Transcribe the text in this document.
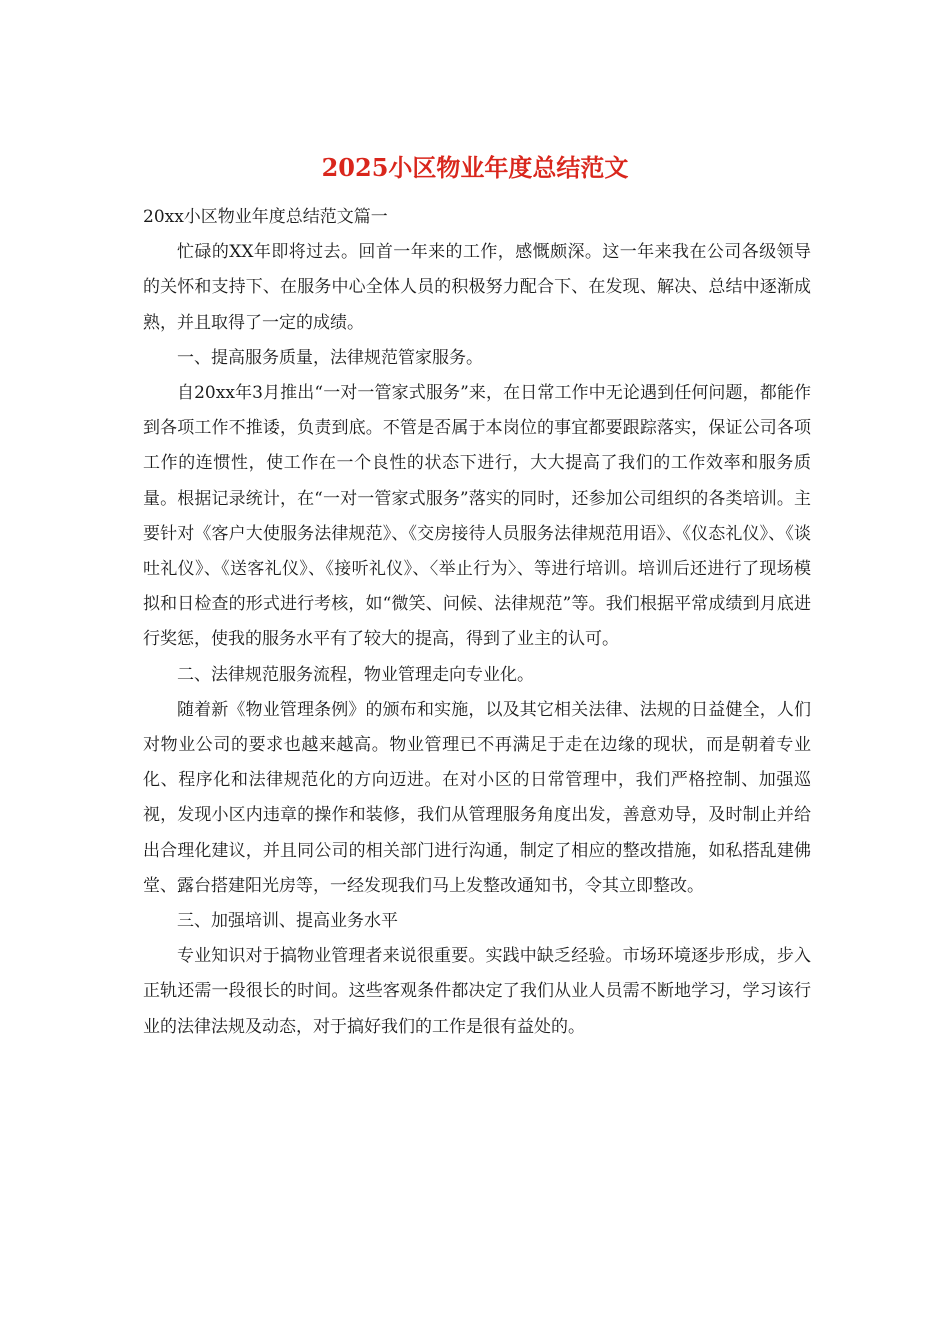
2025小区物业年度总结范文

20xx小区物业年度总结范文篇一

忙碌的XX年即将过去。回首一年来的工作，感慨颇深。这一年来我在公司各级领导的关怀和支持下、在服务中心全体人员的积极努力配合下、在发现、解决、总结中逐渐成熟，并且取得了一定的成绩。

一、提高服务质量，法律规范管家服务。

自20xx年3月推出“一对一管家式服务”来，在日常工作中无论遇到任何问题，都能作到各项工作不推诿，负责到底。不管是否属于本岗位的事宜都要跟踪落实，保证公司各项工作的连惯性，使工作在一个良性的状态下进行，大大提高了我们的工作效率和服务质量。根据记录统计，在“一对一管家式服务”落实的同时，还参加公司组织的各类培训。主要针对《客户大使服务法律规范》、《交房接待人员服务法律规范用语》、《仪态礼仪》、《谈吐礼仪》、《送客礼仪》、《接听礼仪》、〈举止行为〉、等进行培训。培训后还进行了现场模拟和日检查的形式进行考核，如“微笑、问候、法律规范”等。我们根据平常成绩到月底进行奖惩，使我的服务水平有了较大的提高，得到了业主的认可。

二、法律规范服务流程，物业管理走向专业化。

随着新《物业管理条例》的颁布和实施，以及其它相关法律、法规的日益健全，人们对物业公司的要求也越来越高。物业管理已不再满足于走在边缘的现状，而是朝着专业化、程序化和法律规范化的方向迈进。在对小区的日常管理中，我们严格控制、加强巡视，发现小区内违章的操作和装修，我们从管理服务角度出发，善意劝导，及时制止并给出合理化建议，并且同公司的相关部门进行沟通，制定了相应的整改措施，如私搭乱建佛堂、露台搭建阳光房等，一经发现我们马上发整改通知书，令其立即整改。

三、加强培训、提高业务水平

专业知识对于搞物业管理者来说很重要。实践中缺乏经验。市场环境逐步形成，步入正轨还需一段很长的时间。这些客观条件都决定了我们从业人员需不断地学习，学习该行业的法律法规及动态，对于搞好我们的工作是很有益处的。
